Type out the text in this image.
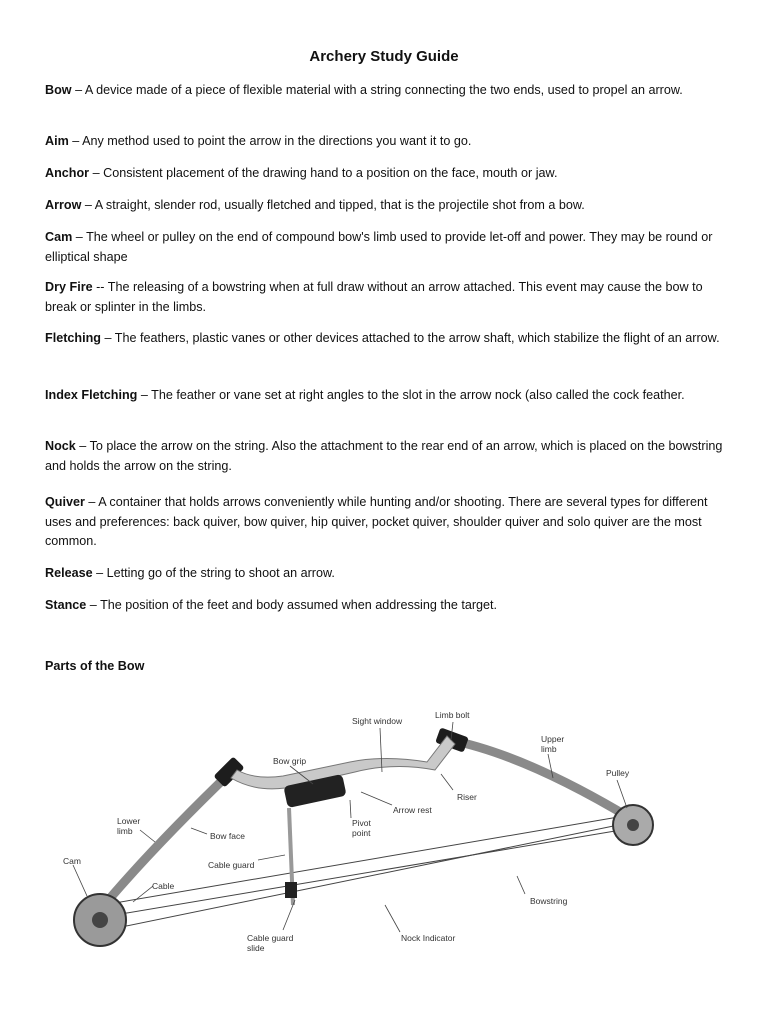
Archery Study Guide
Bow – A device made of a piece of flexible material with a string connecting the two ends, used to propel an arrow.
Aim – Any method used to point the arrow in the directions you want it to go.
Anchor – Consistent placement of the drawing hand to a position on the face, mouth or jaw.
Arrow – A straight, slender rod, usually fletched and tipped, that is the projectile shot from a bow.
Cam – The wheel or pulley on the end of compound bow's limb used to provide let-off and power. They may be round or elliptical shape
Dry Fire -- The releasing of a bowstring when at full draw without an arrow attached. This event may cause the bow to break or splinter in the limbs.
Fletching – The feathers, plastic vanes or other devices attached to the arrow shaft, which stabilize the flight of an arrow.
Index Fletching – The feather or vane set at right angles to the slot in the arrow nock (also called the cock feather.
Nock – To place the arrow on the string. Also the attachment to the rear end of an arrow, which is placed on the bowstring and holds the arrow on the string.
Quiver – A container that holds arrows conveniently while hunting and/or shooting. There are several types for different uses and preferences: back quiver, bow quiver, hip quiver, pocket quiver, shoulder quiver and solo quiver are the most common.
Release – Letting go of the string to shoot an arrow.
Stance – The position of the feet and body assumed when addressing the target.
Parts of the Bow
Sight window
Limb bolt
Upper
limb
Pulley
Bow grip
Riser
Arrow rest
Pivot
point
Lower
limb	Bow face
Cable guard
Cam
Cable
Bowstring
Cable guard
slide
Nock Indicator
